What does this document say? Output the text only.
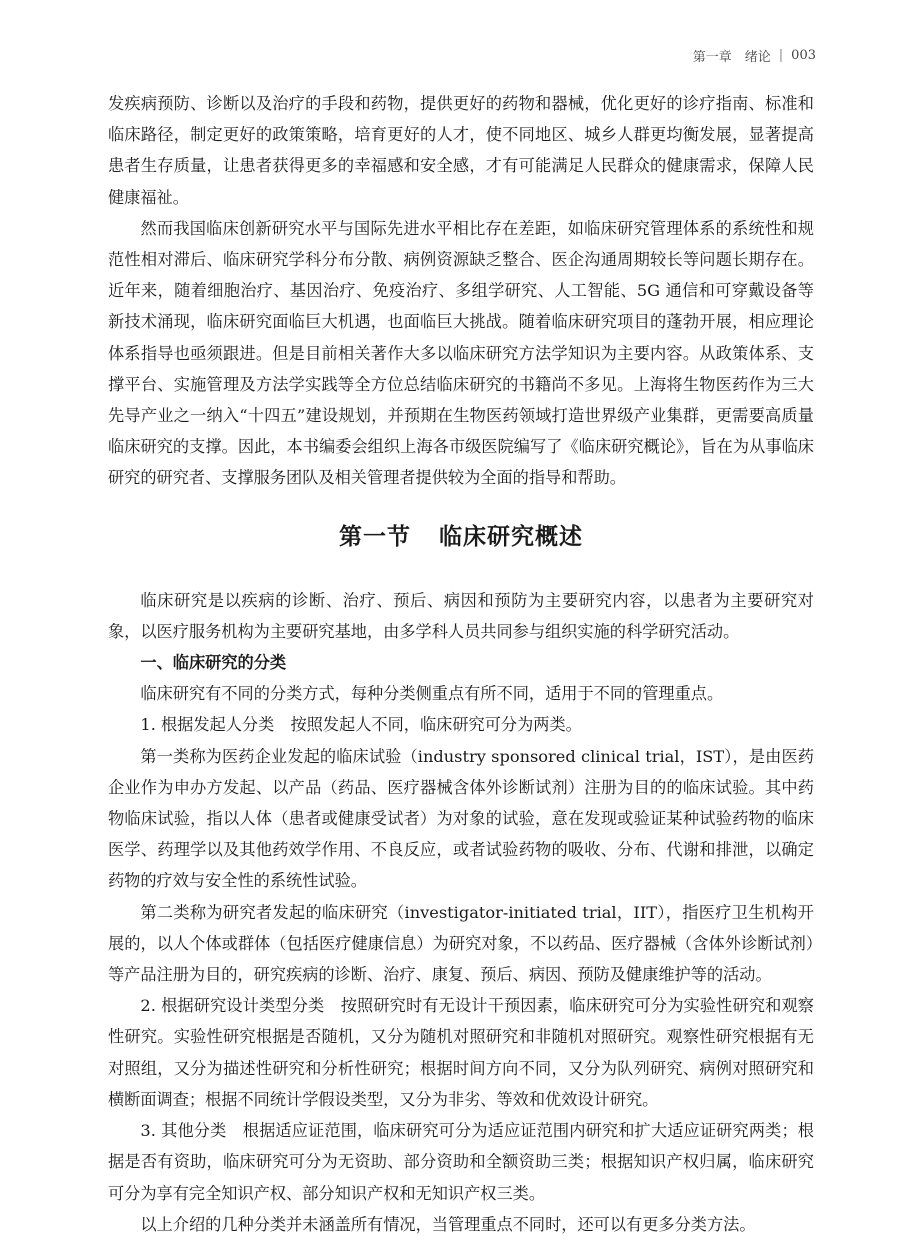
第一章　绪论 | 003

发疾病预防、诊断以及治疗的手段和药物，提供更好的药物和器械，优化更好的诊疗指南、标准和临床路径，制定更好的政策策略，培育更好的人才，使不同地区、城乡人群更均衡发展，显著提高患者生存质量，让患者获得更多的幸福感和安全感，才有可能满足人民群众的健康需求，保障人民健康福祉。

然而我国临床创新研究水平与国际先进水平相比存在差距，如临床研究管理体系的系统性和规范性相对滞后、临床研究学科分布分散、病例资源缺乏整合、医企沟通周期较长等问题长期存在。近年来，随着细胞治疗、基因治疗、免疫治疗、多组学研究、人工智能、5G 通信和可穿戴设备等新技术涌现，临床研究面临巨大机遇，也面临巨大挑战。随着临床研究项目的蓬勃开展，相应理论体系指导也亟须跟进。但是目前相关著作大多以临床研究方法学知识为主要内容。从政策体系、支撑平台、实施管理及方法学实践等全方位总结临床研究的书籍尚不多见。上海将生物医药作为三大先导产业之一纳入“十四五”建设规划，并预期在生物医药领域打造世界级产业集群，更需要高质量临床研究的支撑。因此，本书编委会组织上海各市级医院编写了《临床研究概论》，旨在为从事临床研究的研究者、支撑服务团队及相关管理者提供较为全面的指导和帮助。

第一节 临床研究概述

临床研究是以疾病的诊断、治疗、预后、病因和预防为主要研究内容，以患者为主要研究对象，以医疗服务机构为主要研究基地，由多学科人员共同参与组织实施的科学研究活动。

一、临床研究的分类

临床研究有不同的分类方式，每种分类侧重点有所不同，适用于不同的管理重点。

1. 根据发起人分类　按照发起人不同，临床研究可分为两类。

第一类称为医药企业发起的临床试验（industry sponsored clinical trial，IST），是由医药企业作为申办方发起、以产品（药品、医疗器械含体外诊断试剂）注册为目的的临床试验。其中药物临床试验，指以人体（患者或健康受试者）为对象的试验，意在发现或验证某种试验药物的临床医学、药理学以及其他药效学作用、不良反应，或者试验药物的吸收、分布、代谢和排泄，以确定药物的疗效与安全性的系统性试验。

第二类称为研究者发起的临床研究（investigator-initiated trial，IIT），指医疗卫生机构开展的，以人个体或群体（包括医疗健康信息）为研究对象，不以药品、医疗器械（含体外诊断试剂）等产品注册为目的，研究疾病的诊断、治疗、康复、预后、病因、预防及健康维护等的活动。

2. 根据研究设计类型分类　按照研究时有无设计干预因素，临床研究可分为实验性研究和观察性研究。实验性研究根据是否随机，又分为随机对照研究和非随机对照研究。观察性研究根据有无对照组，又分为描述性研究和分析性研究；根据时间方向不同，又分为队列研究、病例对照研究和横断面调查；根据不同统计学假设类型，又分为非劣、等效和优效设计研究。

3. 其他分类　根据适应证范围，临床研究可分为适应证范围内研究和扩大适应证研究两类；根据是否有资助，临床研究可分为无资助、部分资助和全额资助三类；根据知识产权归属，临床研究可分为享有完全知识产权、部分知识产权和无知识产权三类。

以上介绍的几种分类并未涵盖所有情况，当管理重点不同时，还可以有更多分类方法。
